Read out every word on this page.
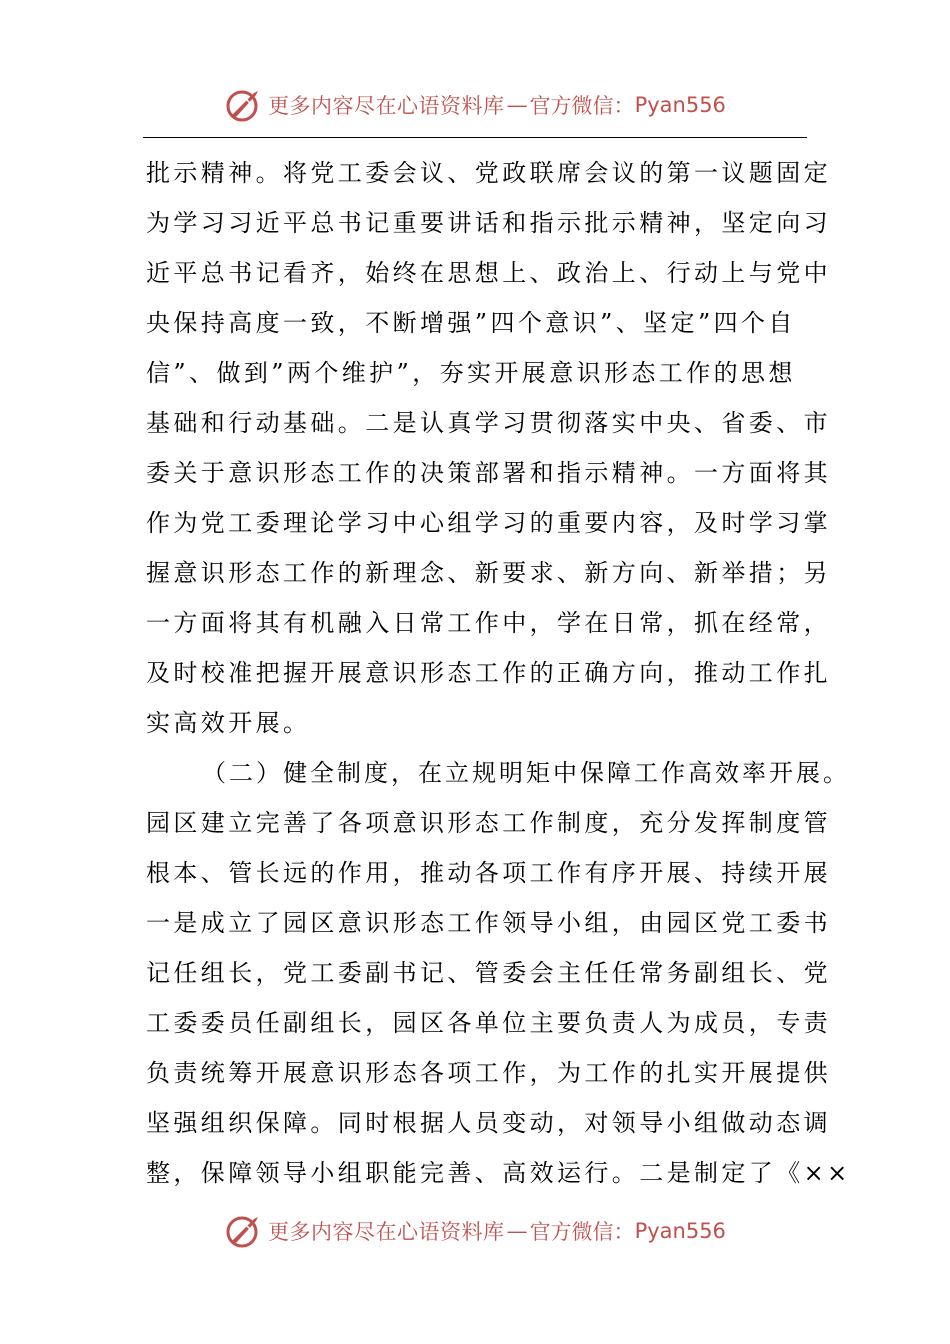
更多内容尽在心语资料库 — 官方微信： Pyan556
批示精神。将党工委会议、党政联席会议的第一议题固定
为学习习近平总书记重要讲话和指示批示精神，坚定向习
近平总书记看齐，始终在思想上、政治上、行动上与党中
央保持高度一致，不断增强”四个意识”、坚定”四个自
信”、做到”两个维护”，夯实开展意识形态工作的思想
基础和行动基础。二是认真学习贯彻落实中央、省委、市
委关于意识形态工作的决策部署和指示精神。一方面将其
作为党工委理论学习中心组学习的重要内容，及时学习掌
握意识形态工作的新理念、新要求、新方向、新举措；另
一方面将其有机融入日常工作中，学在日常，抓在经常，
及时校准把握开展意识形态工作的正确方向，推动工作扎
实高效开展。
（二）健全制度，在立规明矩中保障工作高效率开展。
园区建立完善了各项意识形态工作制度，充分发挥制度管
根本、管长远的作用，推动各项工作有序开展、持续开展
一是成立了园区意识形态工作领导小组，由园区党工委书
记任组长，党工委副书记、管委会主任任常务副组长、党
工委委员任副组长，园区各单位主要负责人为成员，专责
负责统筹开展意识形态各项工作，为工作的扎实开展提供
坚强组织保障。同时根据人员变动，对领导小组做动态调
整，保障领导小组职能完善、高效运行。二是制定了《××
更多内容尽在心语资料库 — 官方微信： Pyan556
